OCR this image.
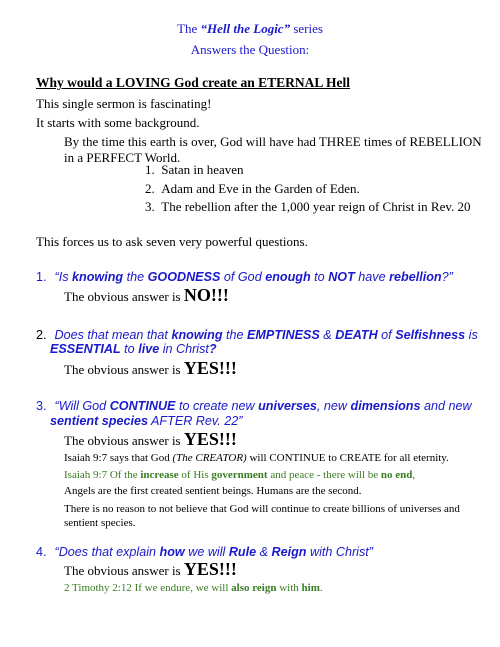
The “Hell the Logic” series
Answers the Question:
Why would a LOVING God create an ETERNAL Hell
This single sermon is fascinating!
It starts with some background.
By the time this earth is over, God will have had THREE times of REBELLION
in a PERFECT World.
1. Satan in heaven
2. Adam and Eve in the Garden of Eden.
3. The rebellion after the 1,000 year reign of Christ in Rev. 20
This forces us to ask seven very powerful questions.
1. “Is knowing the GOODNESS of God enough to NOT have rebellion?”
The obvious answer is NO!!!
2. Does that mean that knowing the EMPTINESS & DEATH of Selfishness is
ESSENTIAL to live in Christ?
The obvious answer is YES!!!
3. “Will God CONTINUE to create new universes, new dimensions and new
sentient species AFTER Rev. 22”
The obvious answer is YES!!!
Isaiah 9:7 says that God (The CREATOR) will CONTINUE to CREATE for all eternity.
Isaiah 9:7 Of the increase of His government and peace - there will be no end,
Angels are the first created sentient beings. Humans are the second.
There is no reason to not believe that God will continue to create billions of universes and sentient species.
4. “Does that explain how we will Rule & Reign with Christ”
The obvious answer is YES!!!
2 Timothy 2:12 If we endure, we will also reign with him.
